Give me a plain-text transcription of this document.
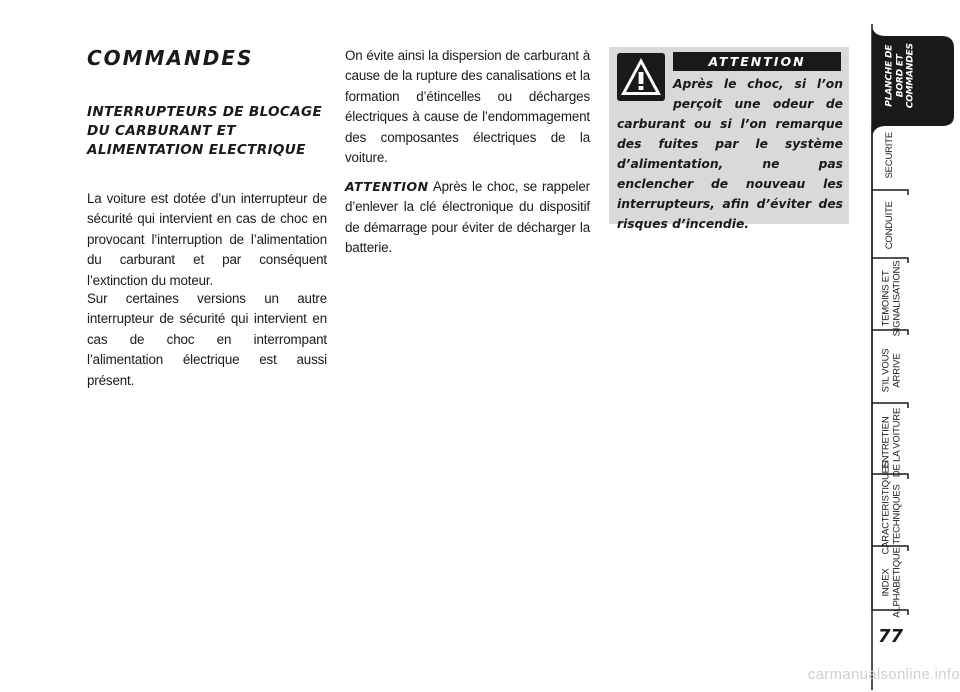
COMMANDES
INTERRUPTEURS DE BLOCAGE DU CARBURANT ET ALIMENTATION ELECTRIQUE

La voiture est dotée d’un interrupteur de sécurité qui intervient en cas de choc en provocant l’interruption de l’alimentation du carburant et par conséquent l’extinction du moteur.

Sur certaines versions un autre interrupteur de sécurité qui intervient en cas de choc en interrompant l’alimentation électrique est aussi présent.

On évite ainsi la dispersion de carburant à cause de la rupture des canalisations et la formation d’étincelles ou décharges électriques à cause de l’endommagement des composantes électriques de la voiture.

ATTENTION Après le choc, se rappeler d’enlever la clé électronique du dispositif de démarrage pour éviter de décharger la batterie.

ATTENTION

Après le choc, si l’on perçoit une odeur de carburant ou si l’on remarque des fuites par le système d’alimentation, ne pas enclencher de nouveau les interrupteurs, afin d’éviter des risques d’incendie.

PLANCHE DE
BORD ET
COMMANDES
SECURITE
CONDUITE
TEMOINS ET
SIGNALISATIONS
S’IL VOUS
ARRIVE
ENTRETIEN
DE LA VOITURE
CARACTERISTIQUES
TECHNIQUES
INDEX
ALPHABETIQUE
77
carmanualsonline.info
